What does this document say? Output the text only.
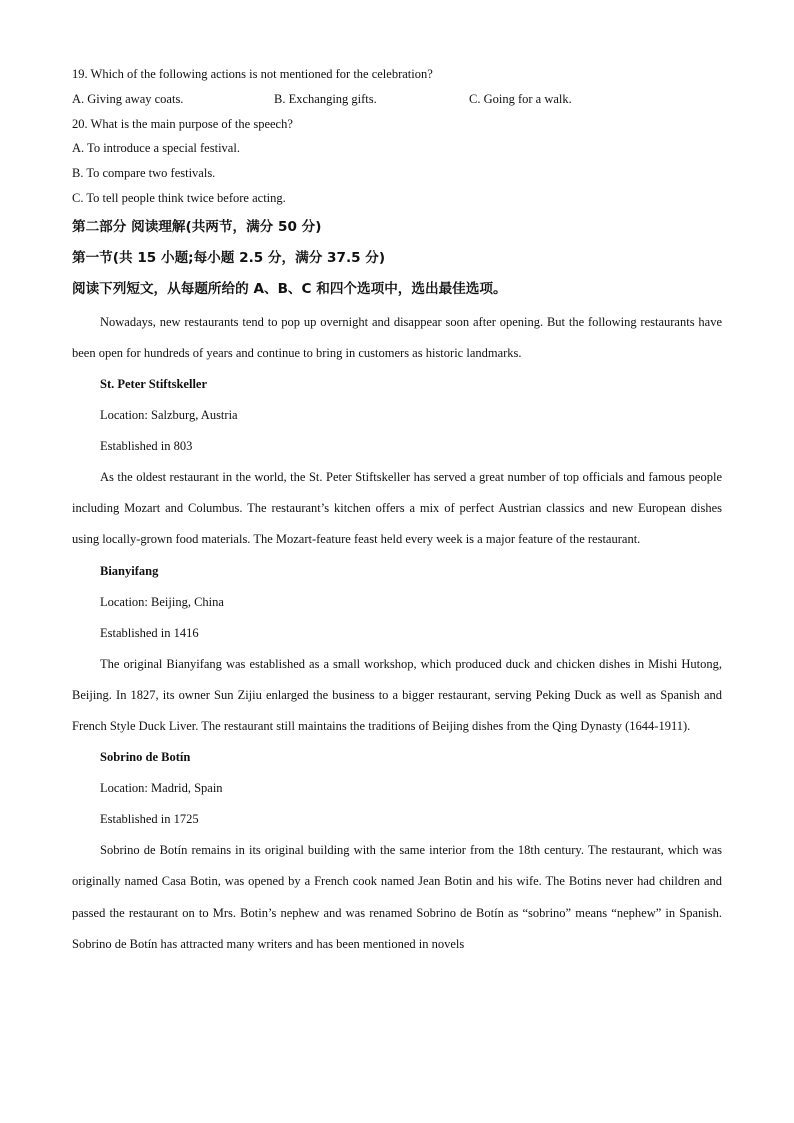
19. Which of the following actions is not mentioned for the celebration?
A. Giving away coats.	B. Exchanging gifts.	C. Going for a walk.
20. What is the main purpose of the speech?
A. To introduce a special festival.
B. To compare two festivals.
C. To tell people think twice before acting.
第二部分 阅读理解(共两节，满分 50 分)
第一节(共 15 小题;每小题 2.5 分，满分 37.5 分)
阅读下列短文，从每题所给的 A、B、C 和四个选项中，选出最佳选项。

Nowadays, new restaurants tend to pop up overnight and disappear soon after opening. But the following restaurants have been open for hundreds of years and continue to bring in customers as historic landmarks.

St. Peter Stiftskeller
Location: Salzburg, Austria
Established in 803

As the oldest restaurant in the world, the St. Peter Stiftskeller has served a great number of top officials and famous people including Mozart and Columbus. The restaurant’s kitchen offers a mix of perfect Austrian classics and new European dishes using locally-grown food materials. The Mozart-feature feast held every week is a major feature of the restaurant.

Bianyifang
Location: Beijing, China
Established in 1416

The original Bianyifang was established as a small workshop, which produced duck and chicken dishes in Mishi Hutong, Beijing. In 1827, its owner Sun Zijiu enlarged the business to a bigger restaurant, serving Peking Duck as well as Spanish and French Style Duck Liver. The restaurant still maintains the traditions of Beijing dishes from the Qing Dynasty (1644-1911).

Sobrino de Botín
Location: Madrid, Spain
Established in 1725

Sobrino de Botín remains in its original building with the same interior from the 18th century. The restaurant, which was originally named Casa Botin, was opened by a French cook named Jean Botin and his wife. The Botins never had children and passed the restaurant on to Mrs. Botin’s nephew and was renamed Sobrino de Botín as “sobrino” means “nephew” in Spanish. Sobrino de Botín has attracted many writers and has been mentioned in novels
